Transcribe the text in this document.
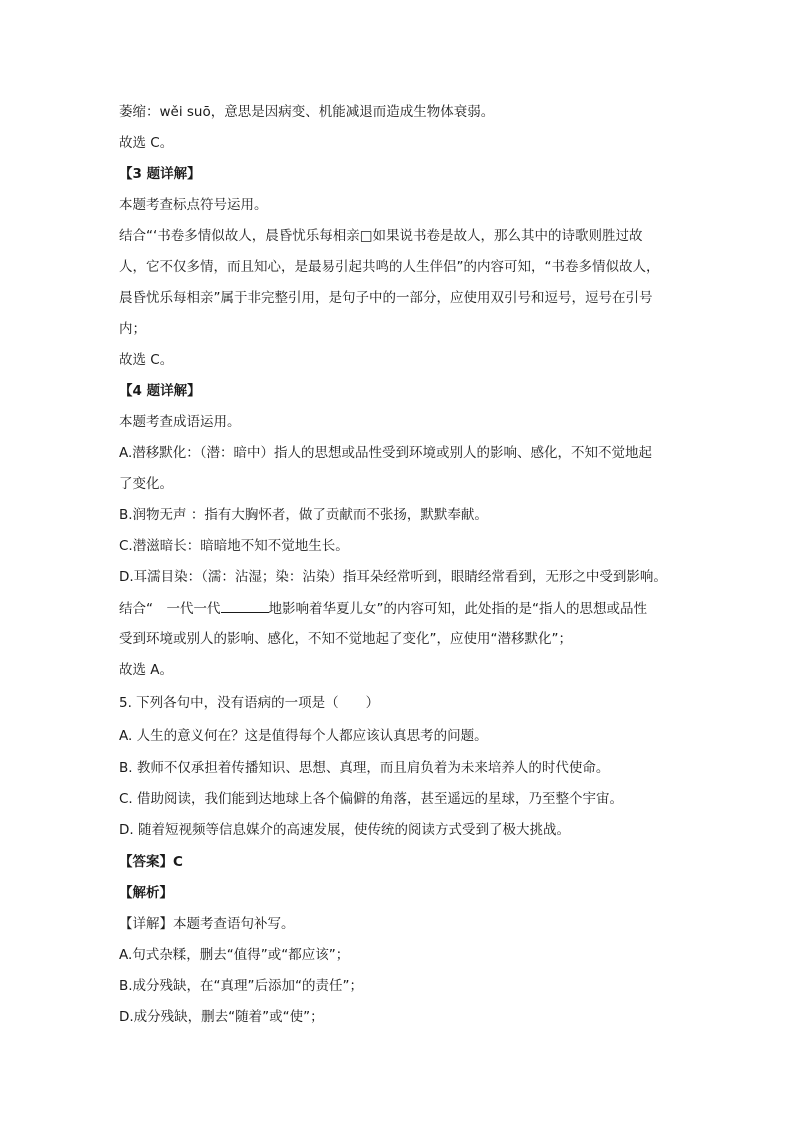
萎缩：wěi suō，意思是因病变、机能减退而造成生物体衰弱。
故选 C。
【3 题详解】
本题考查标点符号运用。
结合“‘书卷多情似故人，晨昏忧乐每相亲□如果说书卷是故人，那么其中的诗歌则胜过故
人，它不仅多情，而且知心，是最易引起共鸣的人生伴侣”的内容可知，“书卷多情似故人，
晨昏忧乐每相亲”属于非完整引用，是句子中的一部分，应使用双引号和逗号，逗号在引号
内；
故选 C。
【4 题详解】
本题考查成语运用。
A.潜移默化：（潜：暗中）指人的思想或品性受到环境或别人的影响、感化，不知不觉地起
了变化。
B.润物无声 ：指有大胸怀者，做了贡献而不张扬，默默奉献。
C.潜滋暗长：暗暗地不知不觉地生长。
D.耳濡目染：（濡：沾湿；染：沾染）指耳朵经常听到，眼睛经常看到，无形之中受到影响。
结合“　一代一代	地影响着华夏儿女”的内容可知，此处指的是“指人的思想或品性
受到环境或别人的影响、感化，不知不觉地起了变化”，应使用“潜移默化”；
故选 A。
5. 下列各句中，没有语病的一项是（　　）
A. 人生的意义何在？这是值得每个人都应该认真思考的问题。
B. 教师不仅承担着传播知识、思想、真理，而且肩负着为未来培养人的时代使命。
C. 借助阅读，我们能到达地球上各个偏僻的角落，甚至遥远的星球，乃至整个宇宙。
D. 随着短视频等信息媒介的高速发展，使传统的阅读方式受到了极大挑战。
【答案】C
【解析】
【详解】本题考查语句补写。
A.句式杂糅，删去“值得”或“都应该”；
B.成分残缺，在“真理”后添加“的责任”；
D.成分残缺，删去“随着”或“使”；
